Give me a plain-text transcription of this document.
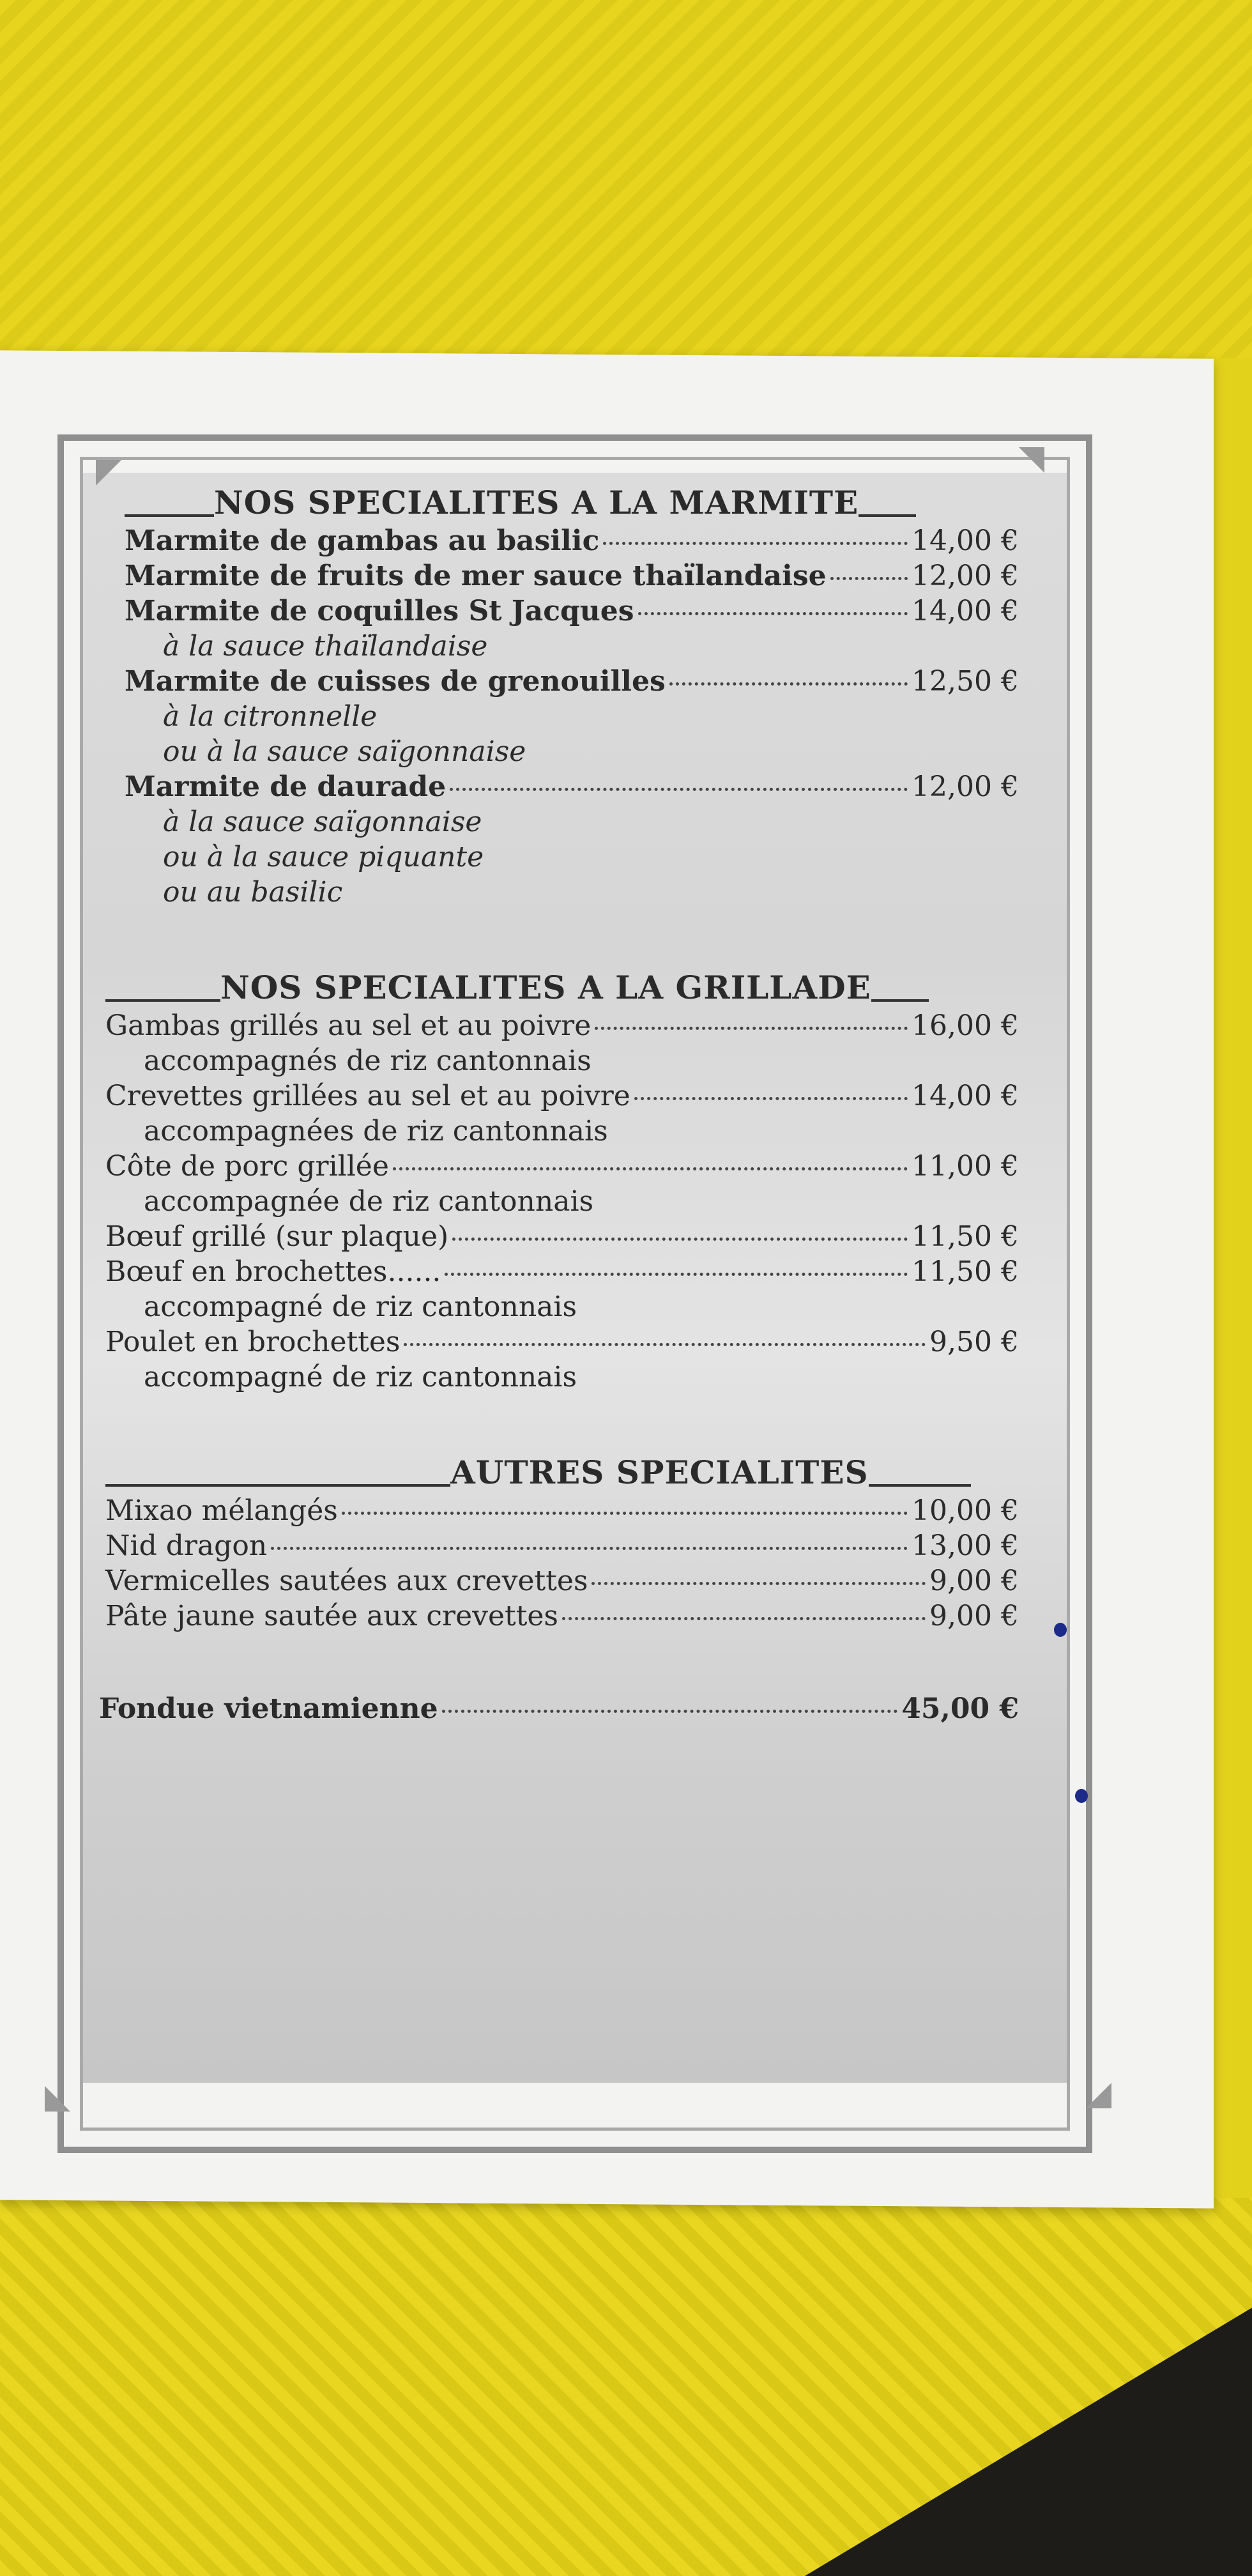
NOS SPECIALITES A LA MARMITE
Marmite de gambas au basilic	14,00 €
Marmite de fruits de mer sauce thaïlandaise	12,00 €
Marmite de coquilles St Jacques	14,00 €
à la sauce thaïlandaise
Marmite de cuisses de grenouilles	12,50 €
à la citronnelle
ou à la sauce saïgonnaise
Marmite de daurade	12,00 €
à la sauce saïgonnaise
ou à la sauce piquante
ou au basilic
NOS SPECIALITES A LA GRILLADE
Gambas grillés au sel et au poivre	16,00 €
accompagnés de riz cantonnais
Crevettes grillées au sel et au poivre	14,00 €
accompagnées de riz cantonnais
Côte de porc grillée	11,00 €
accompagnée de riz cantonnais
Bœuf grillé (sur plaque)	11,50 €
Bœuf en brochettes......	11,50 €
accompagné de riz cantonnais
Poulet en brochettes	9,50 €
accompagné de riz cantonnais
AUTRES SPECIALITES
Mixao mélangés	10,00 €
Nid dragon	13,00 €
Vermicelles sautées aux crevettes	9,00 €
Pâte jaune sautée aux crevettes	9,00 €
Fondue vietnamienne	45,00 €
